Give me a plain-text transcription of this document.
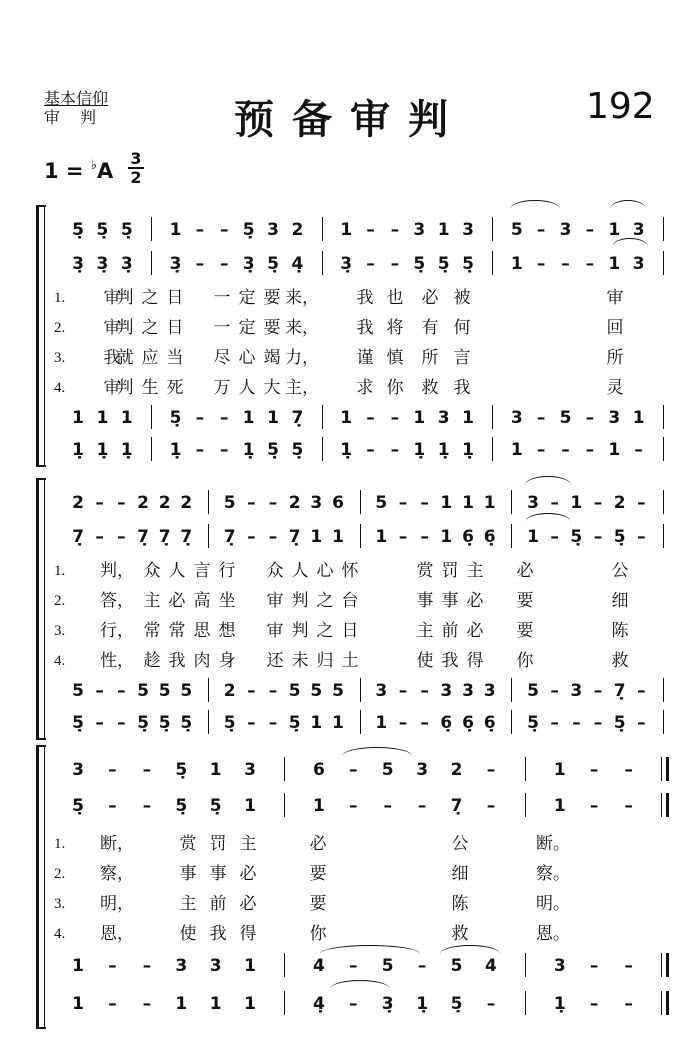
基本信仰
审判	预备审判	192
$1 = ^♭A \frac{3}{2}$
5̣ 5̣ 5̣ 1 – – 5̣ 3 2 1 – – 3 1 3 5 – 3 – 1 3
3̣ 3̣ 3̣ 3̣ – – 3̣ 5̣ 4̣ 3̣ – – 5̣ 5̣ 5̣ 1 – – – 1 3
1 1 1 5̣ – – 1 1 7̣ 1 – – 1 3 1 3 – 5 – 3 1
1̣ 1̣ 1̣ 1̣ – – 1̣ 5̣ 5̣ 1̣ – – 1̣ 1̣ 1̣ 1 – – – 1 –
1. 审
判 之 日 一 定 要 来， 我 也 必 被	审
2. 审
判 之 日 一 定 要 来， 我 将 有 何	回
3. 我
就 应 当 尽 心 竭 力， 谨 慎 所 言	所
4. 审
判 生 死 万 人 大 主， 求 你 救 我	灵
2 – – 2 2 2 5 – – 2 3 6 5 – – 1 1 1 3 – 1 – 2 –
7̣ – – 7̣ 7̣ 7̣ 7̣ – – 7̣ 1 1 1 – – 1 6̣ 6̣ 1 – 5̣ – 5̣ –
5 – – 5 5 5 2 – – 5 5 5 3 – – 3 3 3 5 – 3 – 7̣ –
5̣ – – 5̣ 5̣ 5̣ 5̣ – – 5̣ 1 1 1 – – 6̣ 6̣ 6̣ 5̣ – – – 5̣ –
1. 判， 众 人 言 行 众 人 心 怀	赏 罚 主 必	公
2. 答， 主 必 高 坐 审 判 之 台	事 事 必 要	细
3. 行， 常 常 思 想 审 判 之 日	主 前 必 要	陈
4. 性， 趁 我 肉 身 还 未 归 土	使 我 得 你	救
3	–	–	5̣ 1 3	6	–	5 3 2	–	1	–	–
5̣	–	–	5̣ 5̣ 1	1	–	–	–	7̣	–	1	–	–
1	–	–	3 3 1	4	–	5	–	5 4	3	–	–
1	–	–	1 1 1	4̣	–	3̣ 1̣ 5̣	–	1̣	–	–
1. 断，	赏 罚 主	必	公	断。
2. 察，	事 事 必	要	细	察。
3. 明，	主 前 必	要	陈	明。
4. 恩，	使 我 得	你	救	恩。
